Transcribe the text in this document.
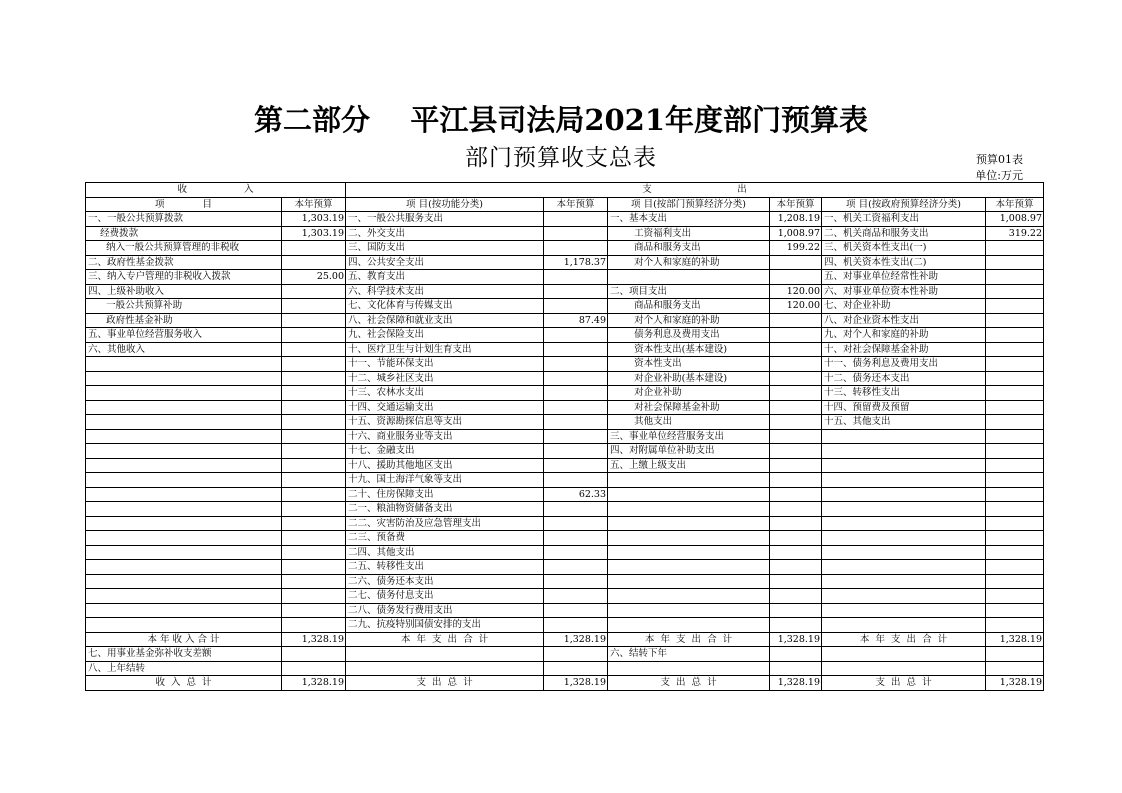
第二部分    平江县司法局2021年度部门预算表
部门预算收支总表	预算01表
单位:万元
收　　　　　　入		支　　　　　　　　　出					
项　　　　目	本年预算	项 目(按功能分类)	本年预算	项 目(按部门预算经济分类)	本年预算	项 目(按政府预算经济分类)	本年预算
一、一般公共预算拨款	1,303.19	一、一般公共服务支出		一、基本支出	1,208.19	一、机关工资福利支出	1,008.97
经费拨款	1,303.19	二、外交支出		工资福利支出	1,008.97	二、机关商品和服务支出	319.22
纳入一般公共预算管理的非税收		三、国防支出		商品和服务支出	199.22	三、机关资本性支出(一)	
二、政府性基金拨款		四、公共安全支出	1,178.37	对个人和家庭的补助		四、机关资本性支出(二)	
三、纳入专户管理的非税收入拨款	25.00	五、教育支出				五、对事业单位经常性补助	
四、上级补助收入		六、科学技术支出		二、项目支出	120.00	六、对事业单位资本性补助	
一般公共预算补助		七、文化体育与传媒支出		商品和服务支出	120.00	七、对企业补助	
政府性基金补助		八、社会保障和就业支出	87.49	对个人和家庭的补助		八、对企业资本性支出	
五、事业单位经营服务收入		九、社会保险支出		债务利息及费用支出		九、对个人和家庭的补助	
六、其他收入		十、医疗卫生与计划生育支出		资本性支出(基本建设)		十、对社会保障基金补助	
		十一、节能环保支出		资本性支出		十一、债务利息及费用支出	
		十二、城乡社区支出		对企业补助(基本建设)		十二、债务还本支出	
		十三、农林水支出		对企业补助		十三、转移性支出	
		十四、交通运输支出		对社会保障基金补助		十四、预留费及预留	
		十五、资源勘探信息等支出		其他支出		十五、其他支出	
		十六、商业服务业等支出		三、事业单位经营服务支出			
		十七、金融支出		四、对附属单位补助支出			
		十八、援助其他地区支出		五、上缴上级支出			
		十九、国土海洋气象等支出					
		二十、住房保障支出	62.33				
		二一、粮油物资储备支出					
		二二、灾害防治及应急管理支出					
		二三、预备费					
		二四、其他支出					
		二五、转移性支出					
		二六、债务还本支出					
		二七、债务付息支出					
		二八、债务发行费用支出					
		二九、抗疫特别国债安排的支出					
本 年 收 入 合 计	1,328.19	本  年  支  出  合  计	1,328.19	本  年  支  出  合  计	1,328.19	本  年  支  出  合  计	1,328.19
七、用事业基金弥补收支差额				六、结转下年			
八、上年结转							
收  入  总  计	1,328.19	支  出  总  计	1,328.19	支  出  总  计	1,328.19	支  出  总  计	1,328.19
